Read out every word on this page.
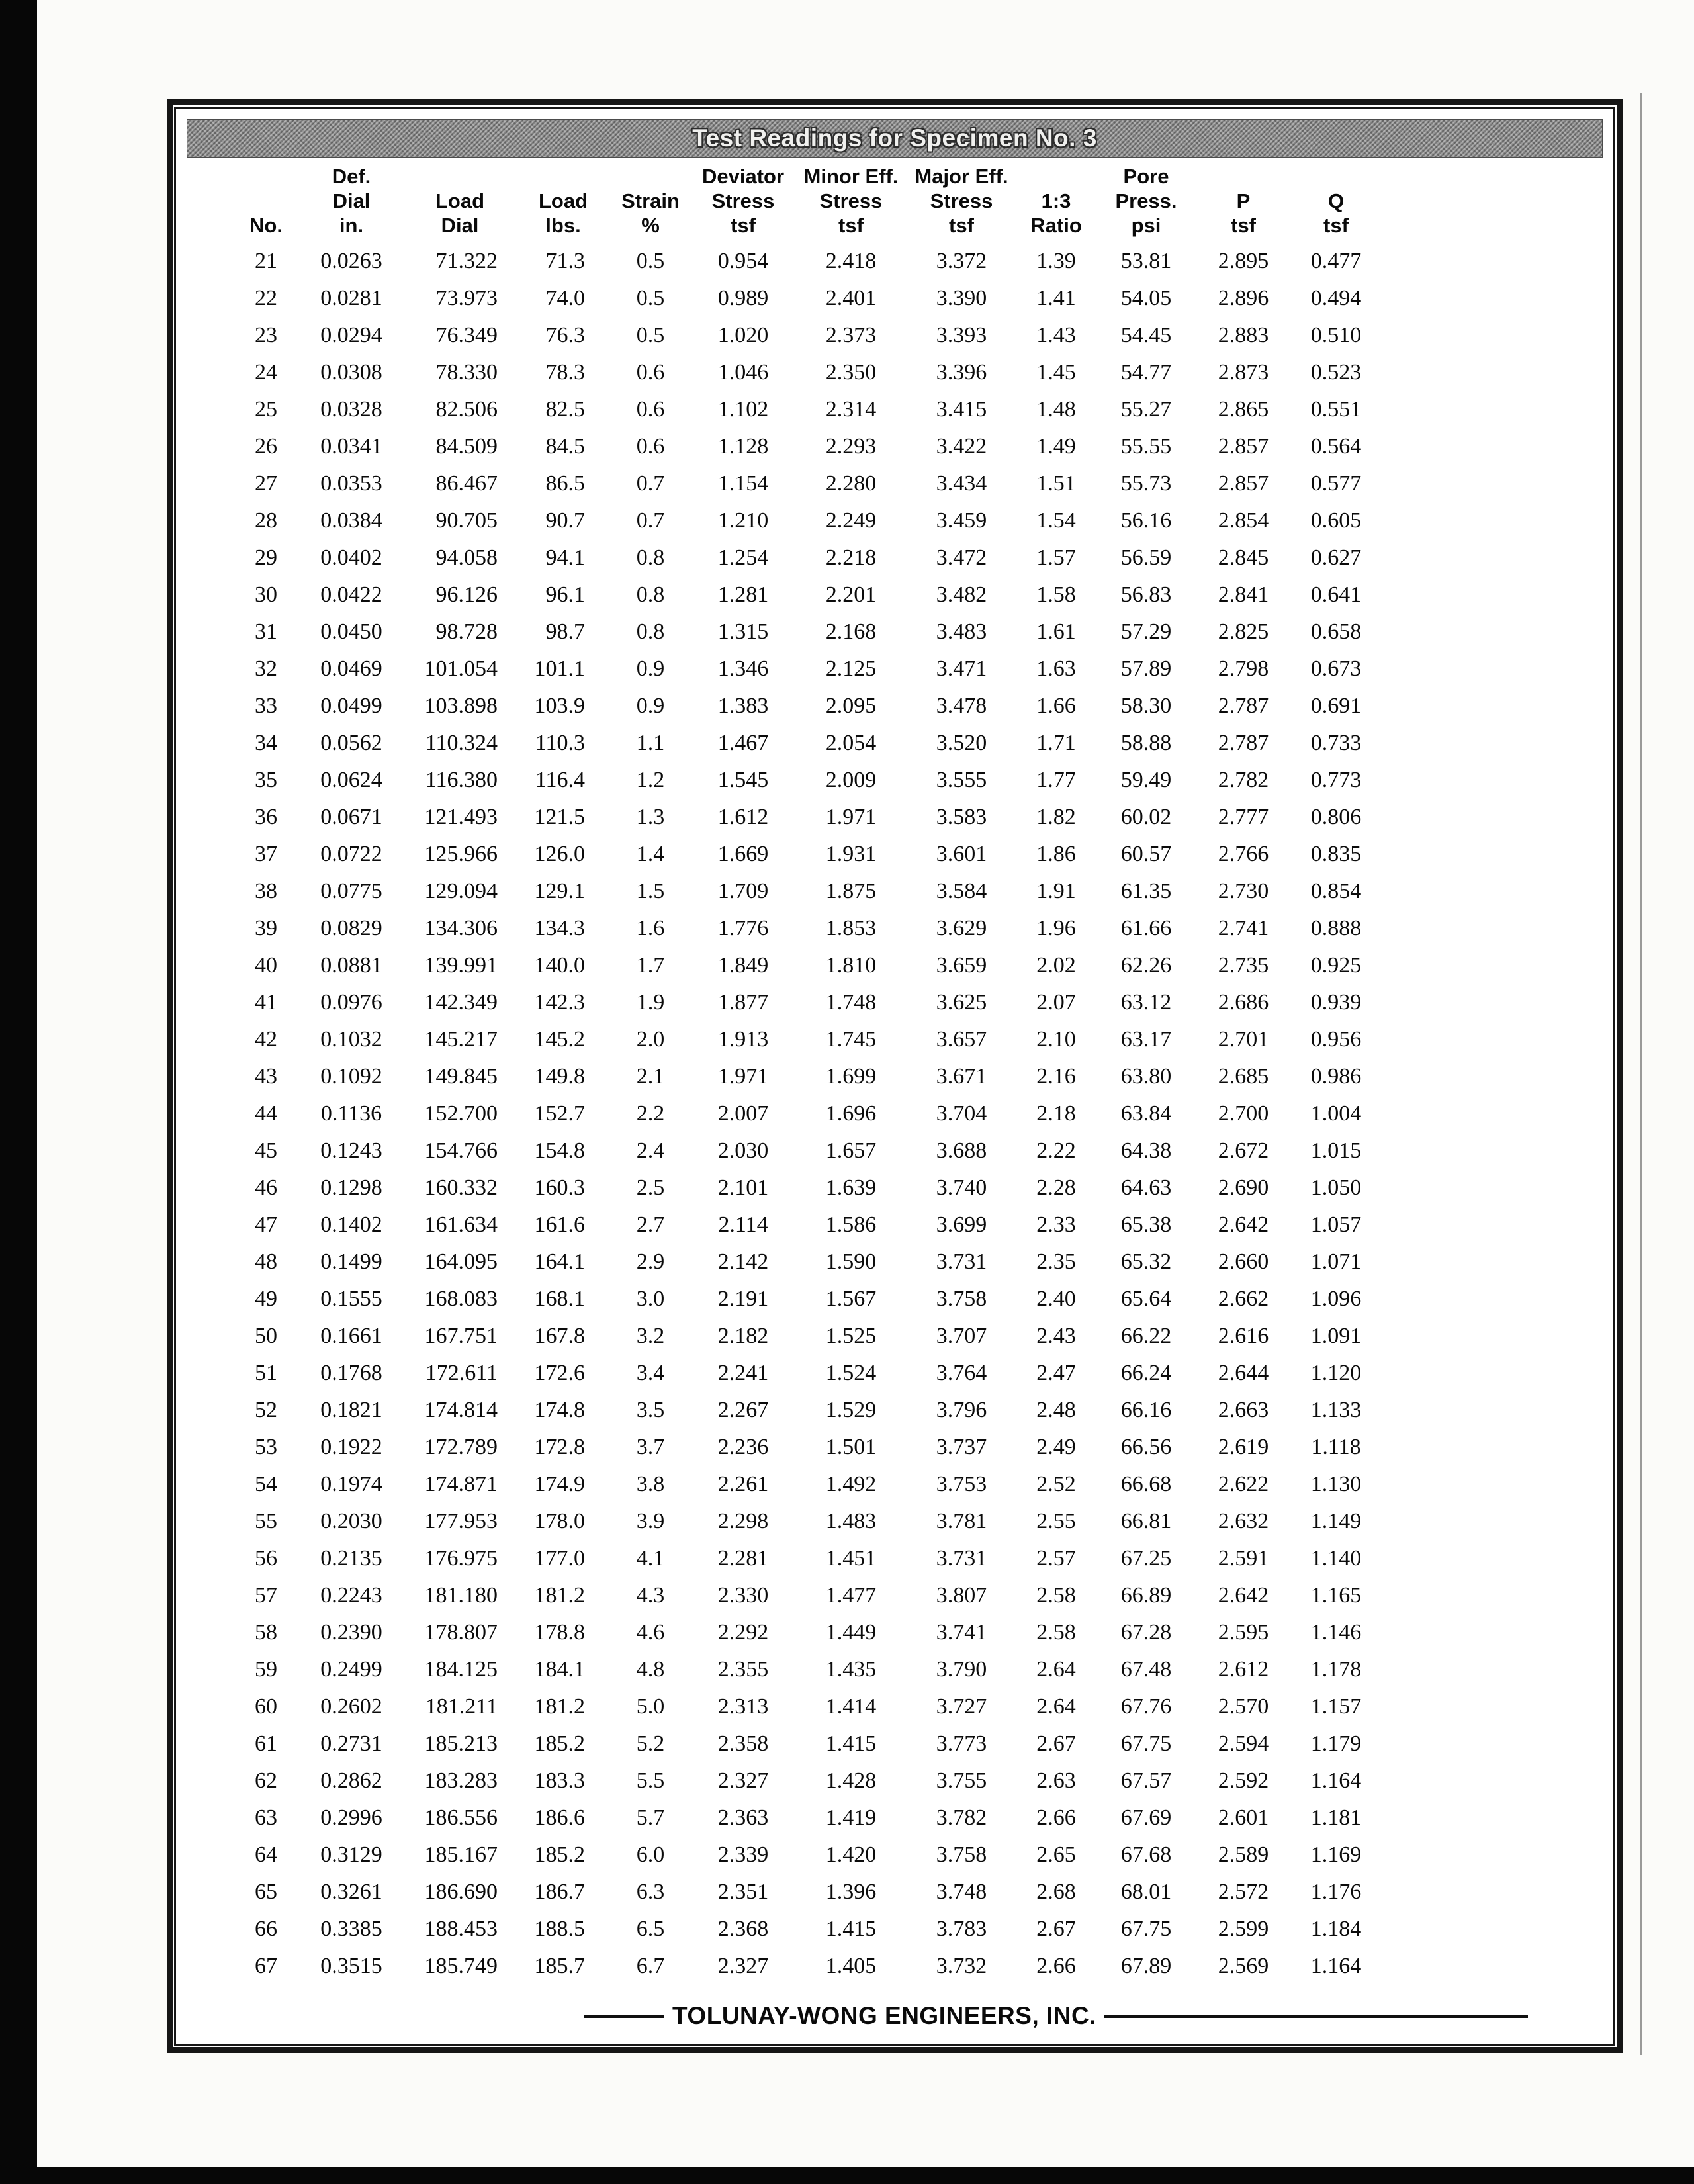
Test Readings for Specimen No. 3
No.

Def.
Dial
in.

Load
Dial

Load
lbs.

Strain
%

Deviator
Stress
tsf

Minor Eff.
Stress
tsf

Major Eff.
Stress
tsf

1:3
Ratio

Pore
Press.
psi

P
tsf

Q
tsf

21	0.0263	71.322	71.3	0.5	0.954	2.418	3.372	1.39	53.81	2.895	0.477
22	0.0281	73.973	74.0	0.5	0.989	2.401	3.390	1.41	54.05	2.896	0.494
23	0.0294	76.349	76.3	0.5	1.020	2.373	3.393	1.43	54.45	2.883	0.510
24	0.0308	78.330	78.3	0.6	1.046	2.350	3.396	1.45	54.77	2.873	0.523
25	0.0328	82.506	82.5	0.6	1.102	2.314	3.415	1.48	55.27	2.865	0.551
26	0.0341	84.509	84.5	0.6	1.128	2.293	3.422	1.49	55.55	2.857	0.564
27	0.0353	86.467	86.5	0.7	1.154	2.280	3.434	1.51	55.73	2.857	0.577
28	0.0384	90.705	90.7	0.7	1.210	2.249	3.459	1.54	56.16	2.854	0.605
29	0.0402	94.058	94.1	0.8	1.254	2.218	3.472	1.57	56.59	2.845	0.627
30	0.0422	96.126	96.1	0.8	1.281	2.201	3.482	1.58	56.83	2.841	0.641
31	0.0450	98.728	98.7	0.8	1.315	2.168	3.483	1.61	57.29	2.825	0.658
32	0.0469	101.054	101.1	0.9	1.346	2.125	3.471	1.63	57.89	2.798	0.673
33	0.0499	103.898	103.9	0.9	1.383	2.095	3.478	1.66	58.30	2.787	0.691
34	0.0562	110.324	110.3	1.1	1.467	2.054	3.520	1.71	58.88	2.787	0.733
35	0.0624	116.380	116.4	1.2	1.545	2.009	3.555	1.77	59.49	2.782	0.773
36	0.0671	121.493	121.5	1.3	1.612	1.971	3.583	1.82	60.02	2.777	0.806
37	0.0722	125.966	126.0	1.4	1.669	1.931	3.601	1.86	60.57	2.766	0.835
38	0.0775	129.094	129.1	1.5	1.709	1.875	3.584	1.91	61.35	2.730	0.854
39	0.0829	134.306	134.3	1.6	1.776	1.853	3.629	1.96	61.66	2.741	0.888
40	0.0881	139.991	140.0	1.7	1.849	1.810	3.659	2.02	62.26	2.735	0.925
41	0.0976	142.349	142.3	1.9	1.877	1.748	3.625	2.07	63.12	2.686	0.939
42	0.1032	145.217	145.2	2.0	1.913	1.745	3.657	2.10	63.17	2.701	0.956
43	0.1092	149.845	149.8	2.1	1.971	1.699	3.671	2.16	63.80	2.685	0.986
44	0.1136	152.700	152.7	2.2	2.007	1.696	3.704	2.18	63.84	2.700	1.004
45	0.1243	154.766	154.8	2.4	2.030	1.657	3.688	2.22	64.38	2.672	1.015
46	0.1298	160.332	160.3	2.5	2.101	1.639	3.740	2.28	64.63	2.690	1.050
47	0.1402	161.634	161.6	2.7	2.114	1.586	3.699	2.33	65.38	2.642	1.057
48	0.1499	164.095	164.1	2.9	2.142	1.590	3.731	2.35	65.32	2.660	1.071
49	0.1555	168.083	168.1	3.0	2.191	1.567	3.758	2.40	65.64	2.662	1.096
50	0.1661	167.751	167.8	3.2	2.182	1.525	3.707	2.43	66.22	2.616	1.091
51	0.1768	172.611	172.6	3.4	2.241	1.524	3.764	2.47	66.24	2.644	1.120
52	0.1821	174.814	174.8	3.5	2.267	1.529	3.796	2.48	66.16	2.663	1.133
53	0.1922	172.789	172.8	3.7	2.236	1.501	3.737	2.49	66.56	2.619	1.118
54	0.1974	174.871	174.9	3.8	2.261	1.492	3.753	2.52	66.68	2.622	1.130
55	0.2030	177.953	178.0	3.9	2.298	1.483	3.781	2.55	66.81	2.632	1.149
56	0.2135	176.975	177.0	4.1	2.281	1.451	3.731	2.57	67.25	2.591	1.140
57	0.2243	181.180	181.2	4.3	2.330	1.477	3.807	2.58	66.89	2.642	1.165
58	0.2390	178.807	178.8	4.6	2.292	1.449	3.741	2.58	67.28	2.595	1.146
59	0.2499	184.125	184.1	4.8	2.355	1.435	3.790	2.64	67.48	2.612	1.178
60	0.2602	181.211	181.2	5.0	2.313	1.414	3.727	2.64	67.76	2.570	1.157
61	0.2731	185.213	185.2	5.2	2.358	1.415	3.773	2.67	67.75	2.594	1.179
62	0.2862	183.283	183.3	5.5	2.327	1.428	3.755	2.63	67.57	2.592	1.164
63	0.2996	186.556	186.6	5.7	2.363	1.419	3.782	2.66	67.69	2.601	1.181
64	0.3129	185.167	185.2	6.0	2.339	1.420	3.758	2.65	67.68	2.589	1.169
65	0.3261	186.690	186.7	6.3	2.351	1.396	3.748	2.68	68.01	2.572	1.176
66	0.3385	188.453	188.5	6.5	2.368	1.415	3.783	2.67	67.75	2.599	1.184
67	0.3515	185.749	185.7	6.7	2.327	1.405	3.732	2.66	67.89	2.569	1.164
TOLUNAY-WONG ENGINEERS, INC.
